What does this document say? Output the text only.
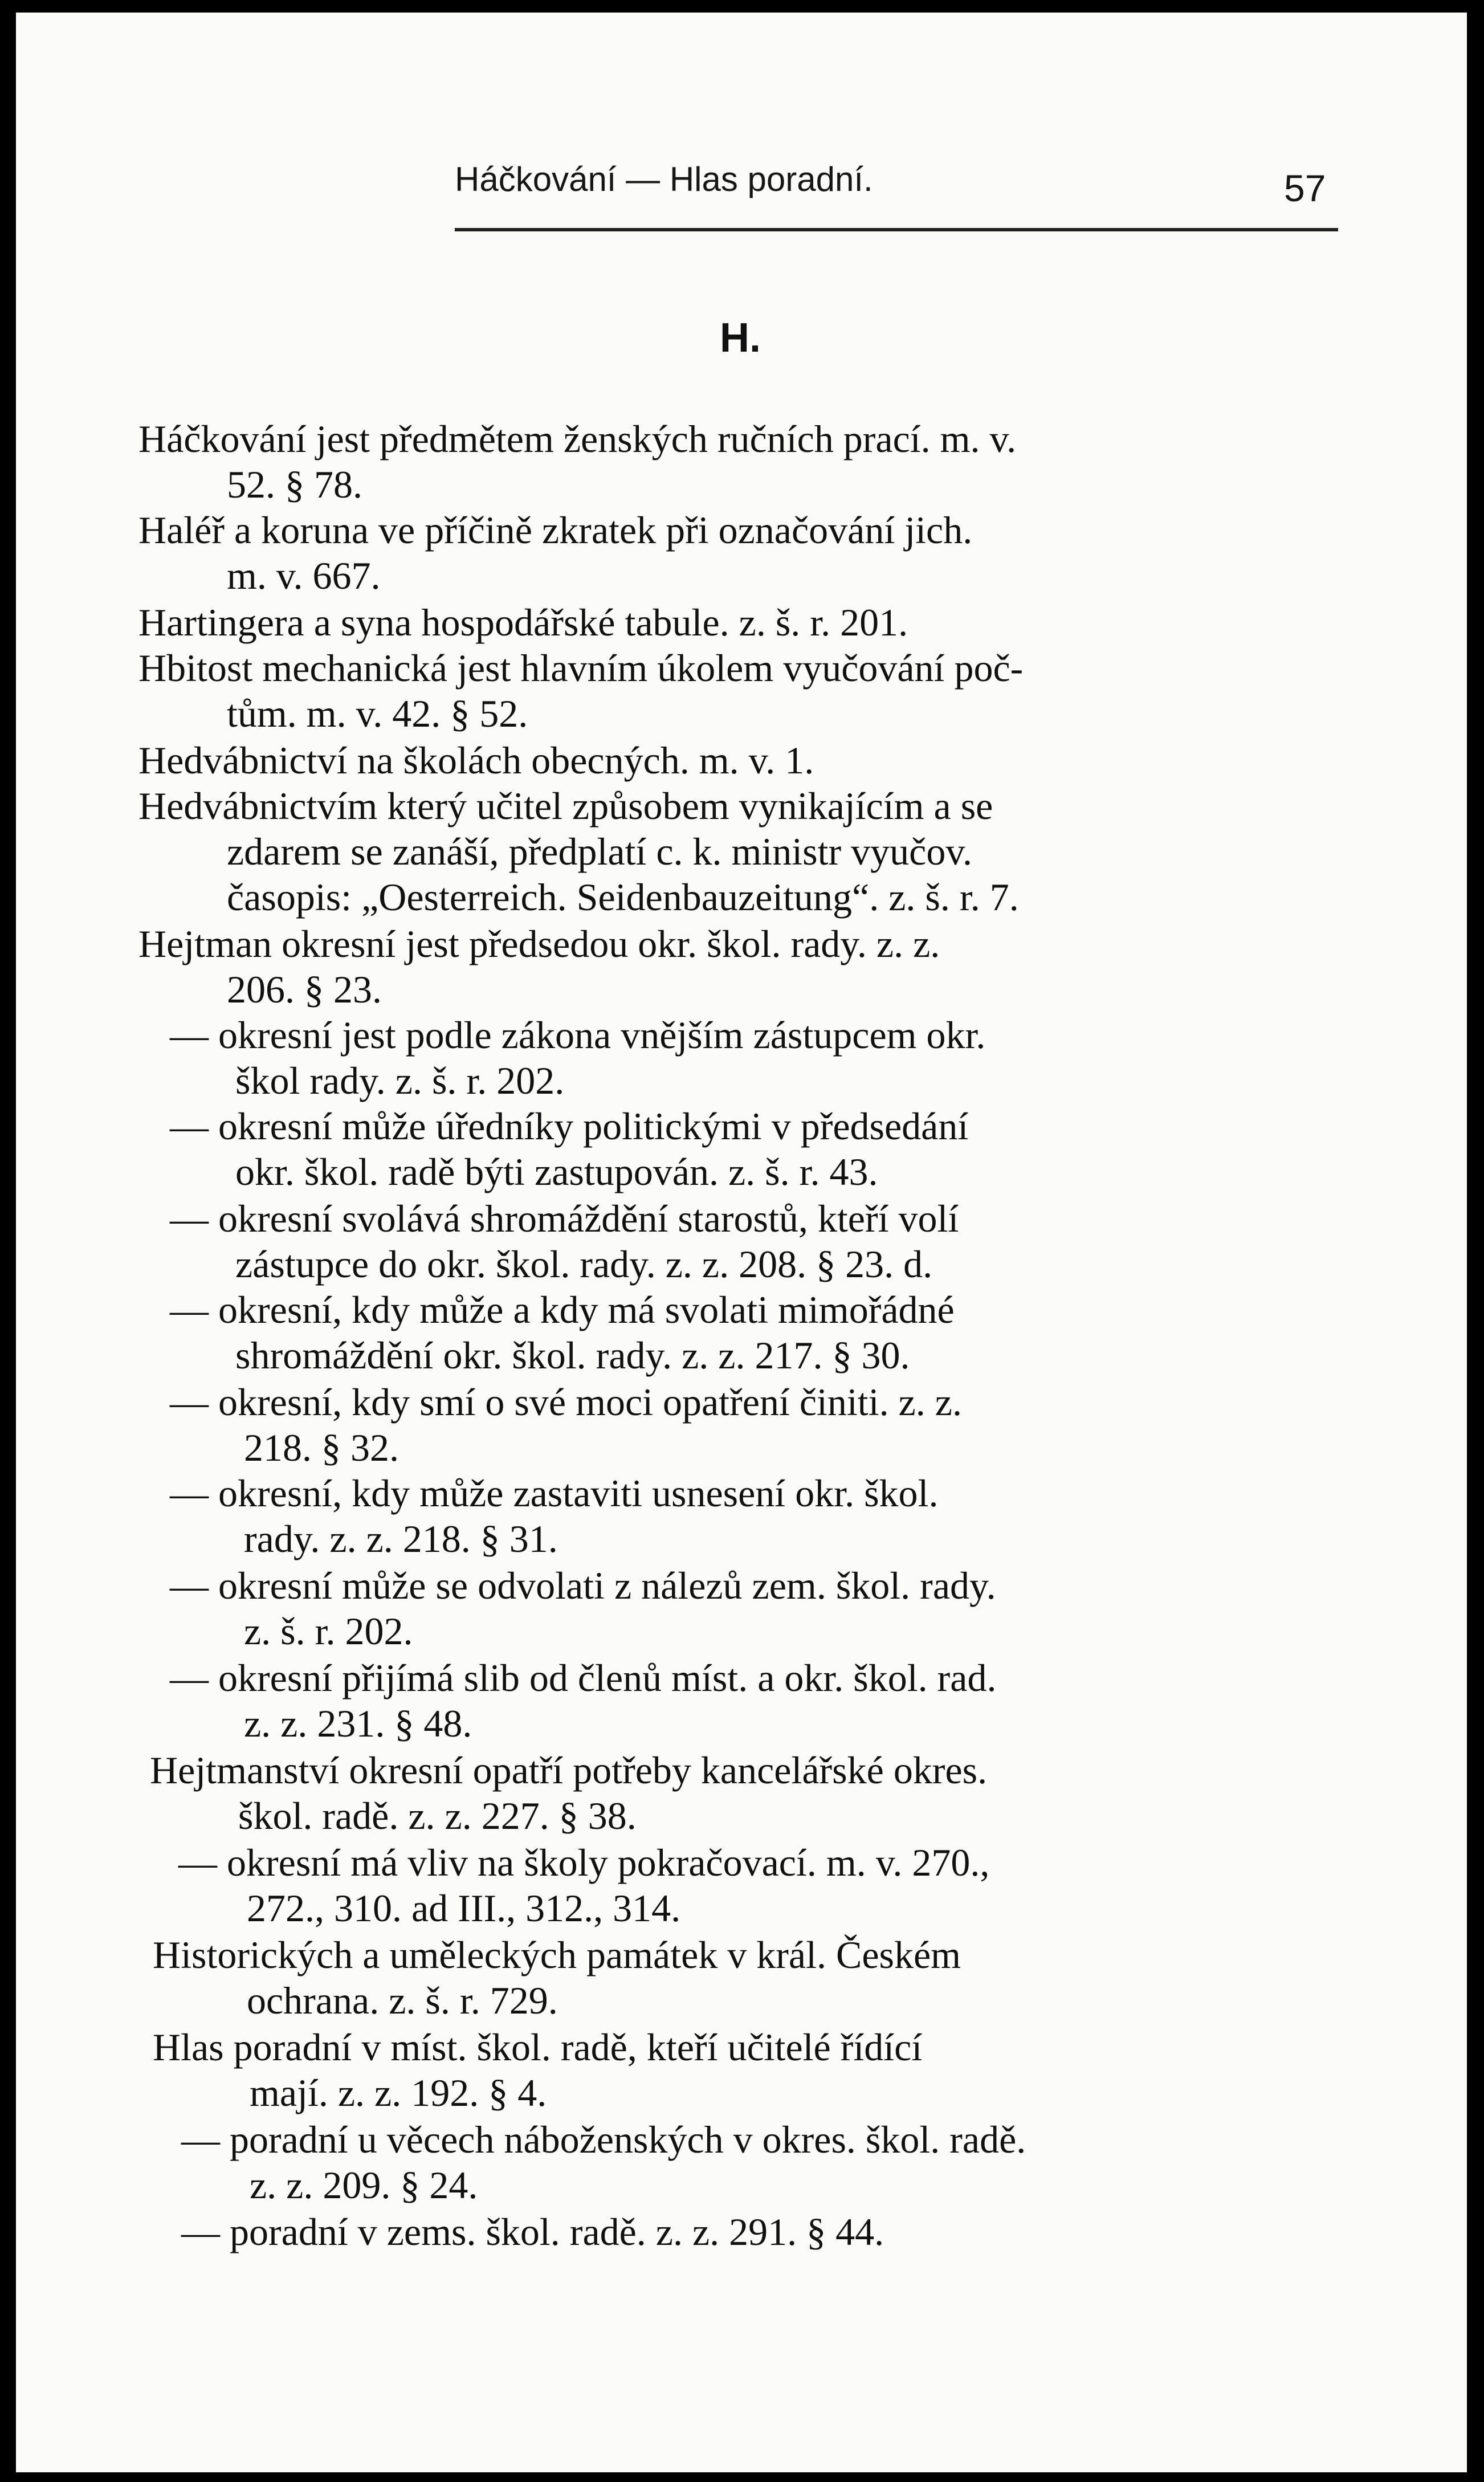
Háčkování — Hlas poradní.	57
H.
Háčkování jest předmětem ženských ručních prací. m. v.
52. § 78.
Haléř a koruna ve příčině zkratek při označování jich.
m. v. 667.
Hartingera a syna hospodářské tabule. z. š. r. 201.
Hbitost mechanická jest hlavním úkolem vyučování poč-
tům. m. v. 42. § 52.
Hedvábnictví na školách obecných. m. v. 1.
Hedvábnictvím který učitel způsobem vynikajícím a se
zdarem se zanáší, předplatí c. k. ministr vyučov.
časopis: „Oesterreich. Seidenbauzeitung“. z. š. r. 7.
Hejtman okresní jest předsedou okr. škol. rady. z. z.
206. § 23.
— okresní jest podle zákona vnějším zástupcem okr.
škol rady. z. š. r. 202.
— okresní může úředníky politickými v předsedání
okr. škol. radě býti zastupován. z. š. r. 43.
— okresní svolává shromáždění starostů, kteří volí
zástupce do okr. škol. rady. z. z. 208. § 23. d.
— okresní, kdy může a kdy má svolati mimořádné
shromáždění okr. škol. rady. z. z. 217. § 30.
— okresní, kdy smí o své moci opatření činiti. z. z.
218. § 32.
— okresní, kdy může zastaviti usnesení okr. škol.
rady. z. z. 218. § 31.
— okresní může se odvolati z nálezů zem. škol. rady.
z. š. r. 202.
— okresní přijímá slib od členů míst. a okr. škol. rad.
z. z. 231. § 48.
Hejtmanství okresní opatří potřeby kancelářské okres.
škol. radě. z. z. 227. § 38.
— okresní má vliv na školy pokračovací. m. v. 270.,
272., 310. ad III., 312., 314.
Historických a uměleckých památek v král. Českém
ochrana. z. š. r. 729.
Hlas poradní v míst. škol. radě, kteří učitelé řídící
mají. z. z. 192. § 4.
— poradní u věcech náboženských v okres. škol. radě.
z. z. 209. § 24.
— poradní v zems. škol. radě. z. z. 291. § 44.
